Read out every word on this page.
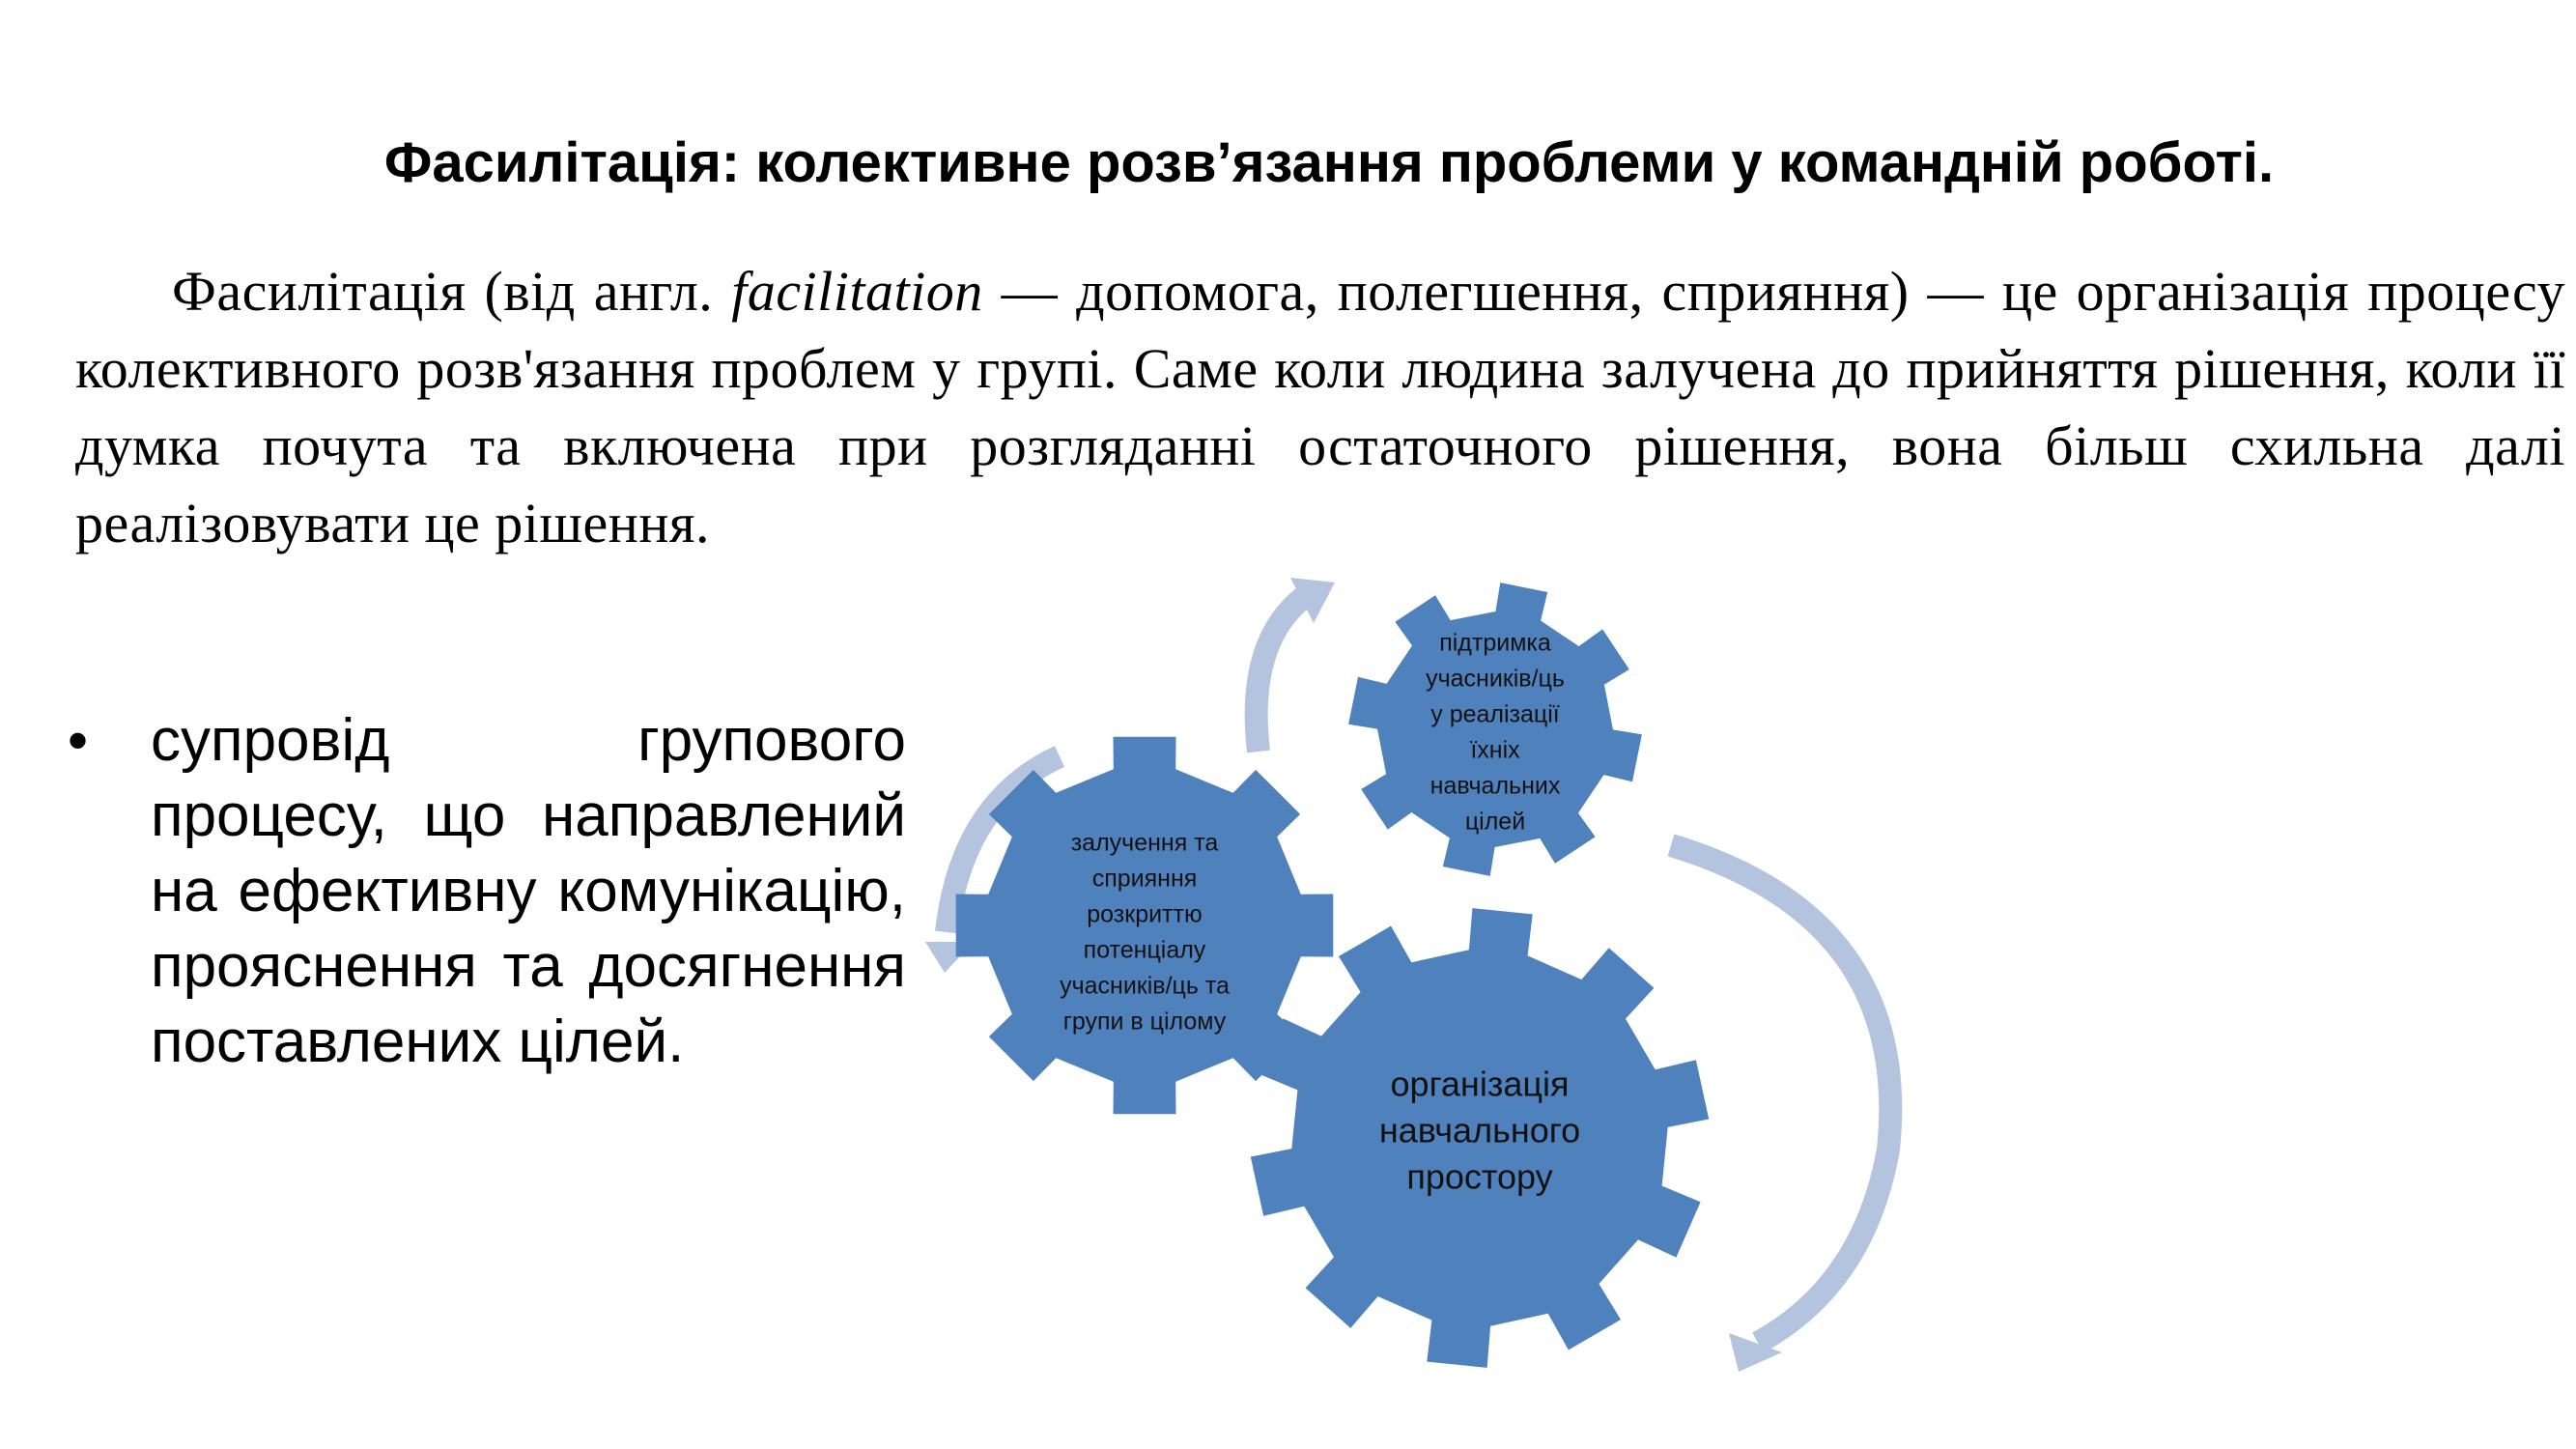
Фасилітація: колективне розв’язання проблеми у командній роботі.

Фасилітація (від англ. facilitation — допомога, полегшення, сприяння) — це організація процесу колективного розв'язання проблем у групі. Саме коли людина залучена до прийняття рішення, коли її думка почута та включена при розгляданні остаточного рішення, вона більш схильна далі реалізовувати це рішення.

• супровід групового процесу, що направлений на ефективну комунікацію, прояснення та досягнення поставлених цілей.

підтримка учасників/ць у реалізації їхніх навчальних цілей
залучення та сприяння розкриттю потенціалу учасників/ць та групи в цілому
організація навчального простору
